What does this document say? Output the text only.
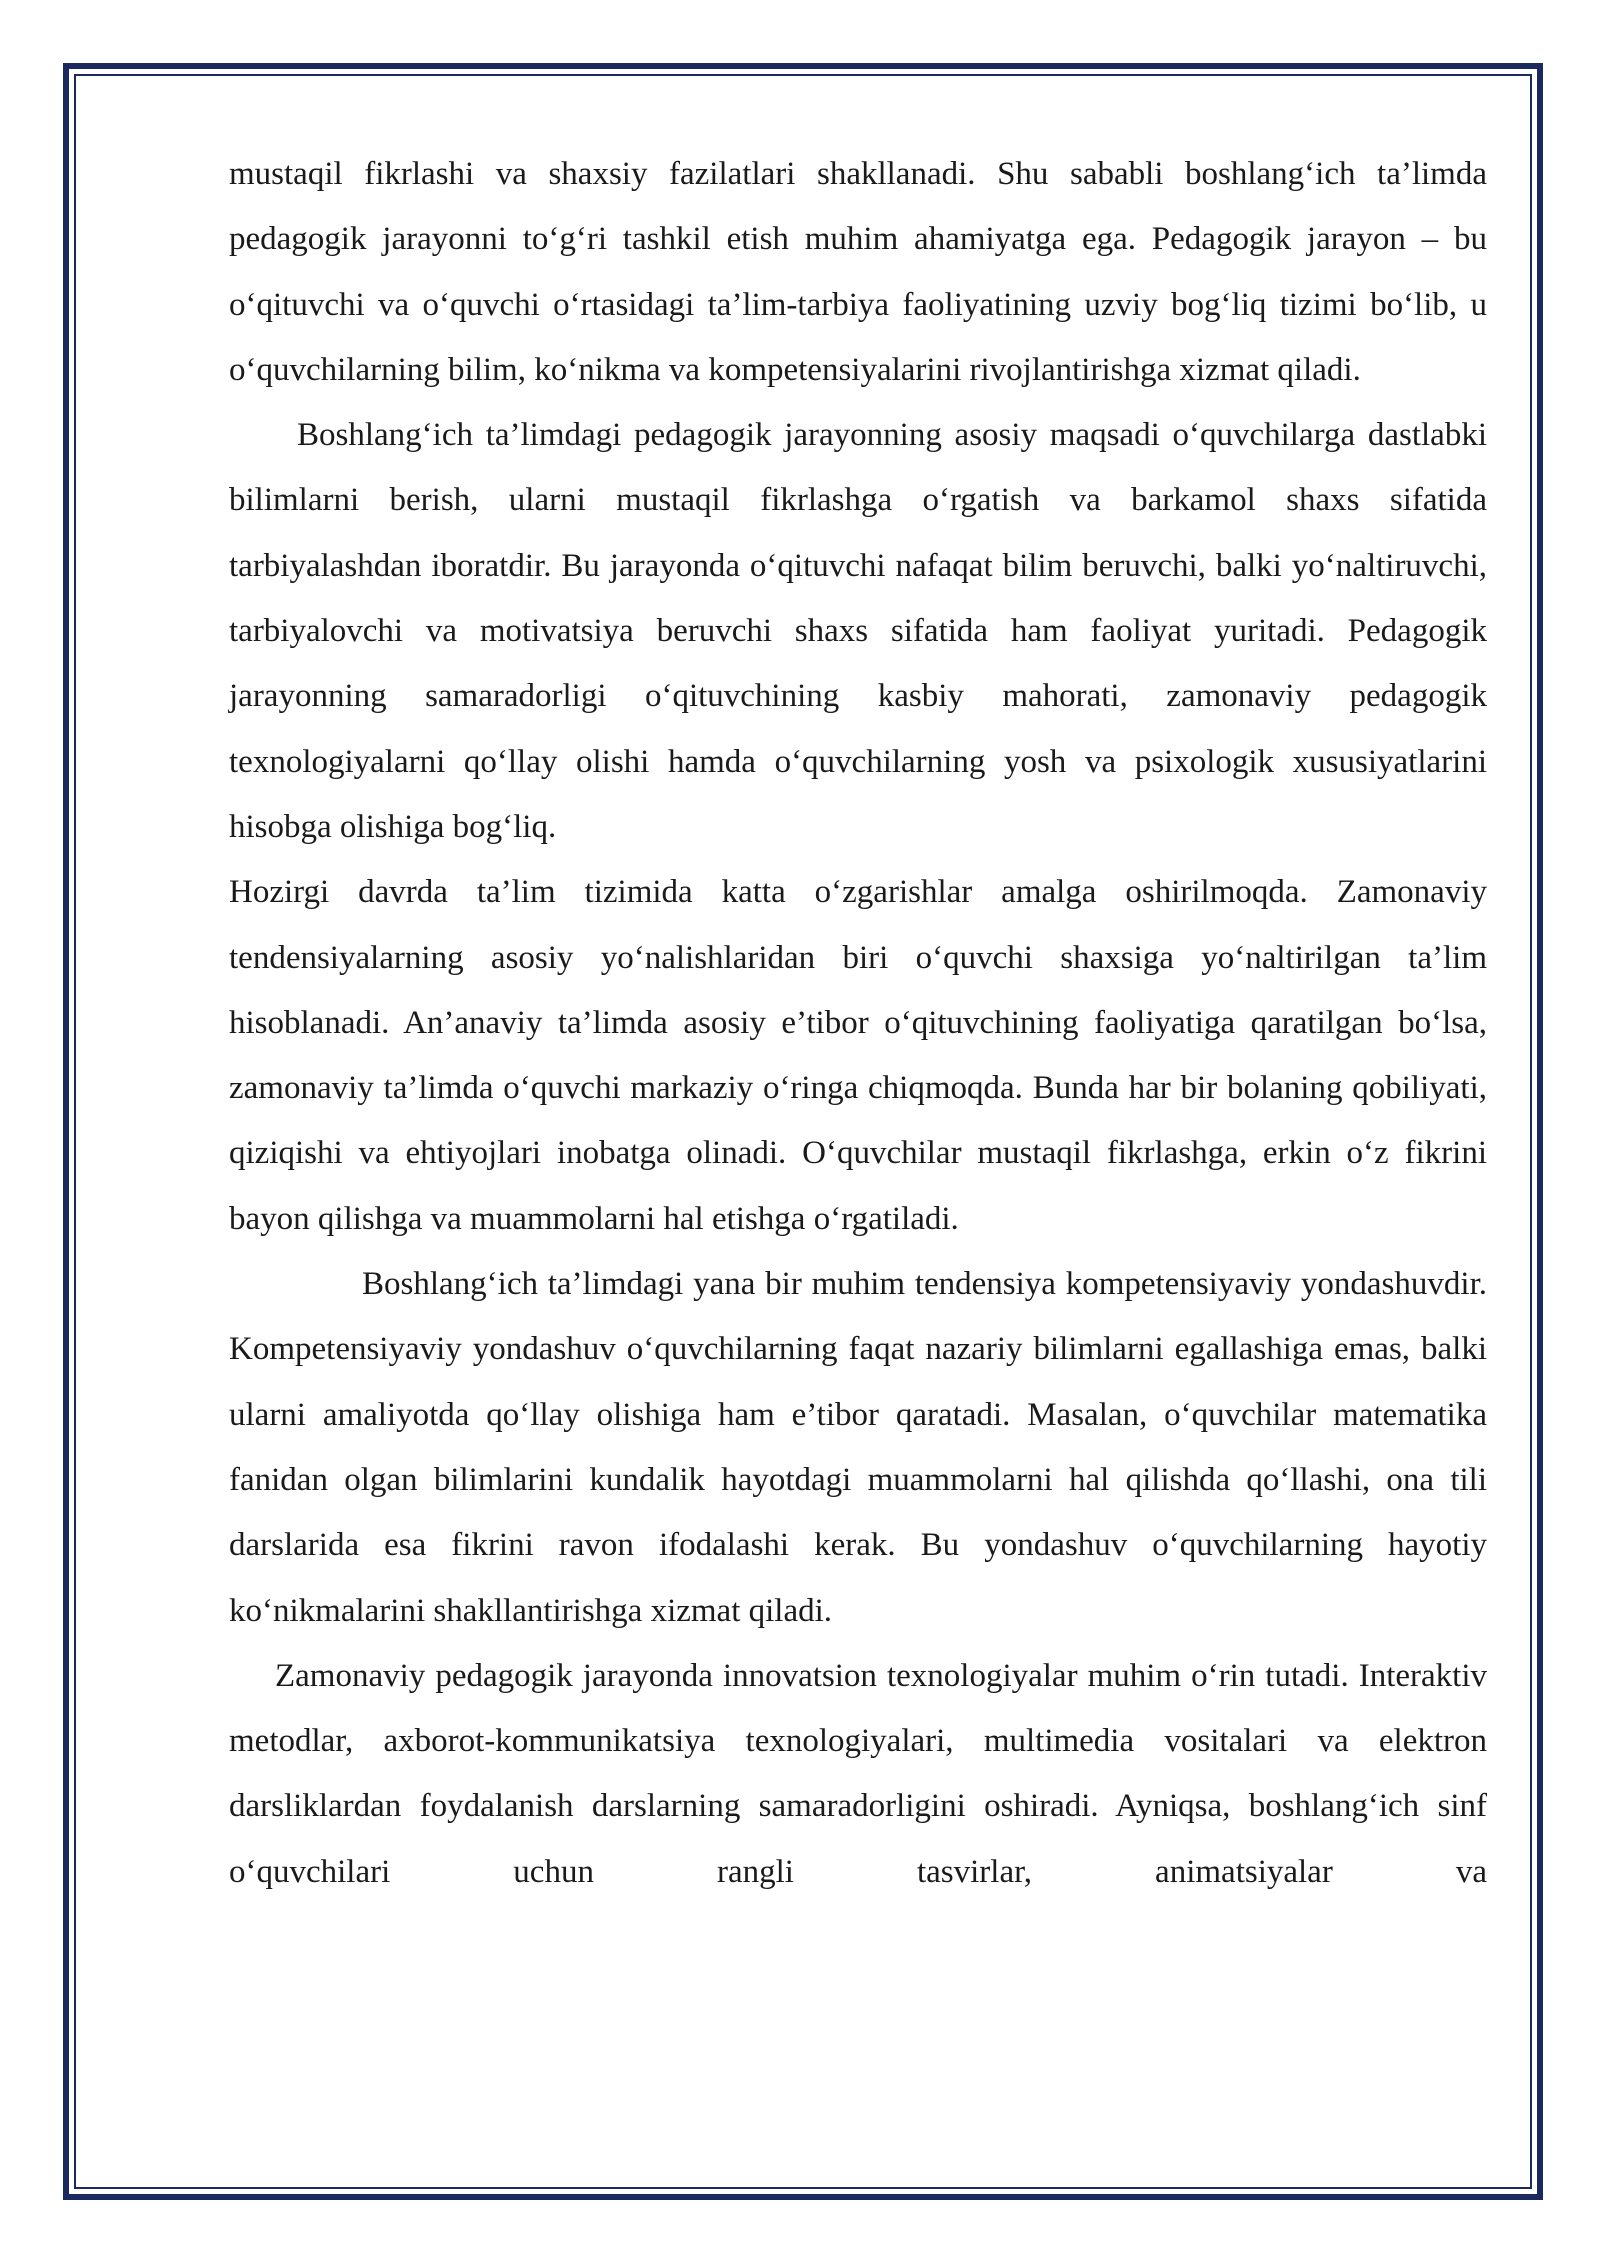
mustaqil fikrlashi va shaxsiy fazilatlari shakllanadi. Shu sababli boshlang‘ich ta’limda pedagogik jarayonni to‘g‘ri tashkil etish muhim ahamiyatga ega. Pedagogik jarayon – bu o‘qituvchi va o‘quvchi o‘rtasidagi ta’lim-tarbiya faoliyatining uzviy bog‘liq tizimi bo‘lib, u o‘quvchilarning bilim, ko‘nikma va kompetensiyalarini rivojlantirishga xizmat qiladi.

Boshlang‘ich ta’limdagi pedagogik jarayonning asosiy maqsadi o‘quvchilarga dastlabki bilimlarni berish, ularni mustaqil fikrlashga o‘rgatish va barkamol shaxs sifatida tarbiyalashdan iboratdir. Bu jarayonda o‘qituvchi nafaqat bilim beruvchi, balki yo‘naltiruvchi, tarbiyalovchi va motivatsiya beruvchi shaxs sifatida ham faoliyat yuritadi. Pedagogik jarayonning samaradorligi o‘qituvchining kasbiy mahorati, zamonaviy pedagogik texnologiyalarni qo‘llay olishi hamda o‘quvchilarning yosh va psixologik xususiyatlarini hisobga olishiga bog‘liq.

Hozirgi davrda ta’lim tizimida katta o‘zgarishlar amalga oshirilmoqda. Zamonaviy tendensiyalarning asosiy yo‘nalishlaridan biri o‘quvchi shaxsiga yo‘naltirilgan ta’lim hisoblanadi. An’anaviy ta’limda asosiy e’tibor o‘qituvchining faoliyatiga qaratilgan bo‘lsa, zamonaviy ta’limda o‘quvchi markaziy o‘ringa chiqmoqda. Bunda har bir bolaning qobiliyati, qiziqishi va ehtiyojlari inobatga olinadi. O‘quvchilar mustaqil fikrlashga, erkin o‘z fikrini bayon qilishga va muammolarni hal etishga o‘rgatiladi.

Boshlang‘ich ta’limdagi yana bir muhim tendensiya kompetensiyaviy yondashuvdir. Kompetensiyaviy yondashuv o‘quvchilarning faqat nazariy bilimlarni egallashiga emas, balki ularni amaliyotda qo‘llay olishiga ham e’tibor qaratadi. Masalan, o‘quvchilar matematika fanidan olgan bilimlarini kundalik hayotdagi muammolarni hal qilishda qo‘llashi, ona tili darslarida esa fikrini ravon ifodalashi kerak. Bu yondashuv o‘quvchilarning hayotiy ko‘nikmalarini shakllantirishga xizmat qiladi.

Zamonaviy pedagogik jarayonda innovatsion texnologiyalar muhim o‘rin tutadi. Interaktiv metodlar, axborot-kommunikatsiya texnologiyalari, multimedia vositalari va elektron darsliklardan foydalanish darslarning samaradorligini oshiradi. Ayniqsa, boshlang‘ich sinf o‘quvchilari uchun rangli tasvirlar, animatsiyalar va
